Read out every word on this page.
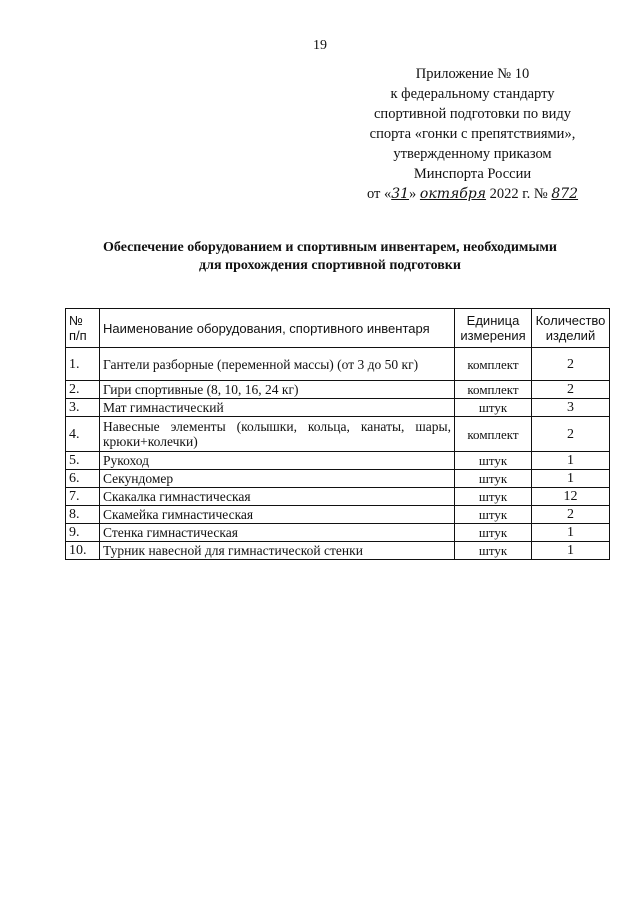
19
Приложение № 10
к федеральному стандарту
спортивной подготовки по виду
спорта «гонки с препятствиями»,
утвержденному приказом
Минспорта России
от «31» октября 2022 г. № 872
Обеспечение оборудованием и спортивным инвентарем, необходимыми
для прохождения спортивной подготовки
№ п/п	Наименование оборудования, спортивного инвентаря	Единица измерения	Количество изделий
1.	Гантели разборные (переменной массы) (от 3 до 50 кг)	комплект	2
2.	Гири спортивные (8, 10, 16, 24 кг)	комплект	2
3.	Мат гимнастический	штук	3
4.	Навесные элементы (колышки, кольца, канаты, шары, крюки+колечки)	комплект	2
5.	Рукоход	штук	1
6.	Секундомер	штук	1
7.	Скакалка гимнастическая	штук	12
8.	Скамейка гимнастическая	штук	2
9.	Стенка гимнастическая	штук	1
10.	Турник навесной для гимнастической стенки	штук	1
